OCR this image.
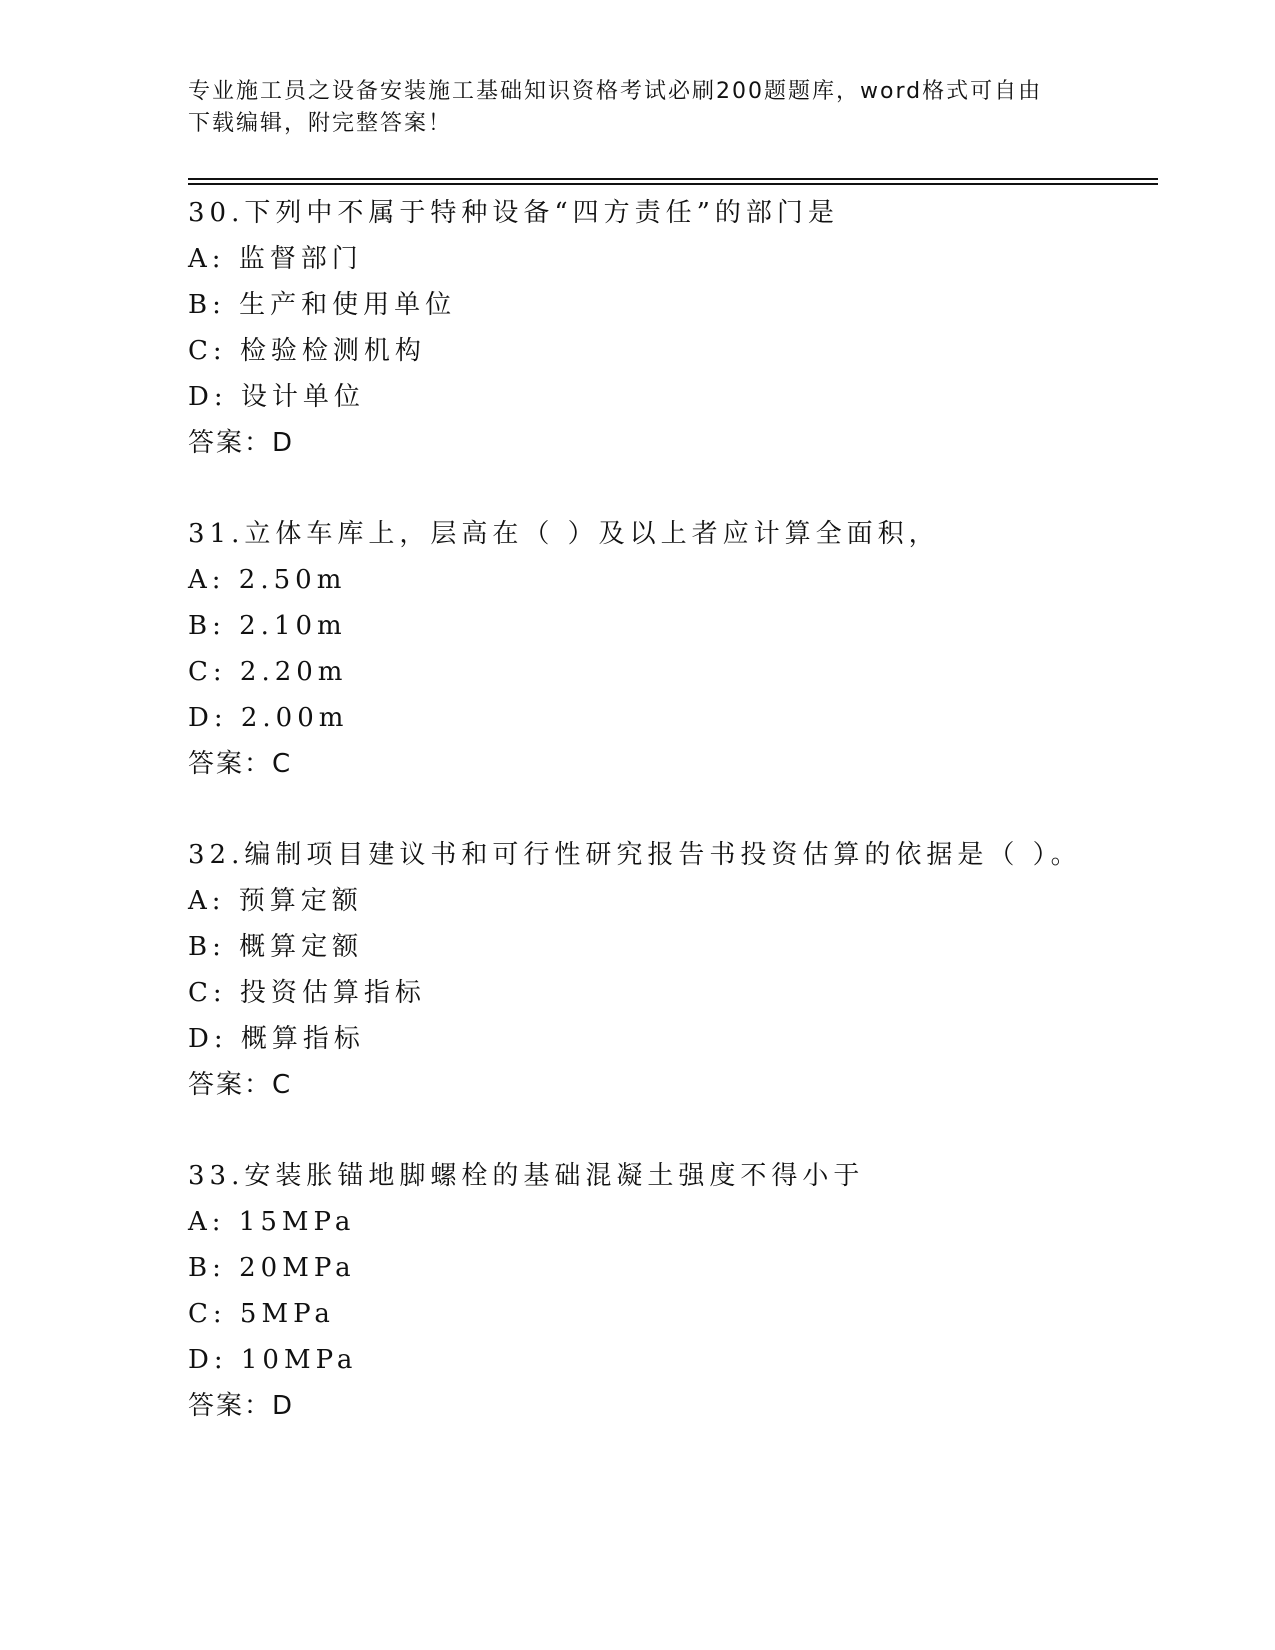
专业施工员之设备安装施工基础知识资格考试必刷200题题库，word格式可自由
下载编辑，附完整答案！
30.下列中不属于特种设备“四方责任”的部门是
A: 监督部门
B: 生产和使用单位
C: 检验检测机构
D: 设计单位
答案：D
31.立体车库上，层高在（ ）及以上者应计算全面积，
A: 2.50m
B: 2.10m
C: 2.20m
D: 2.00m
答案：C
32.编制项目建议书和可行性研究报告书投资估算的依据是（ ）。
A: 预算定额
B: 概算定额
C: 投资估算指标
D: 概算指标
答案：C
33.安装胀锚地脚螺栓的基础混凝土强度不得小于
A: 15MPa
B: 20MPa
C: 5MPa
D: 10MPa
答案：D
